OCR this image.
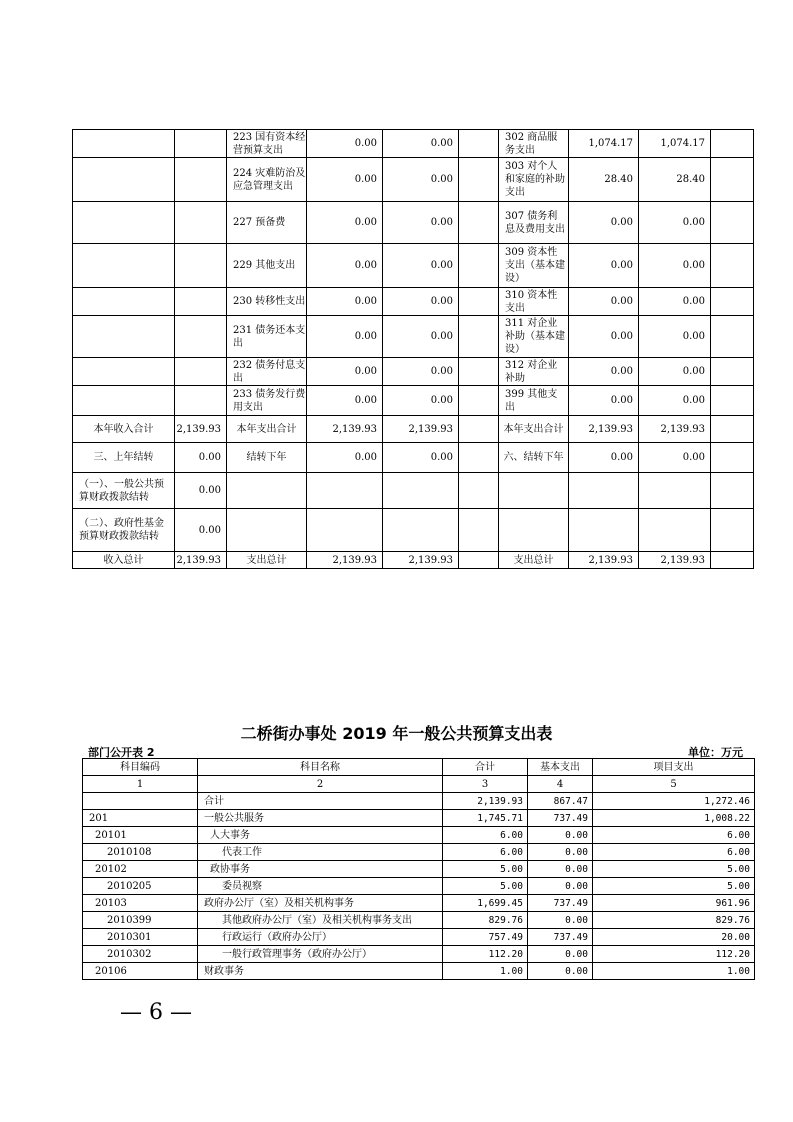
		223 国有资本经营预算支出	0.00	0.00		302 商品服务支出	1,074.17	1,074.17	
		224 灾难防治及应急管理支出	0.00	0.00		303 对个人和家庭的补助支出	28.40	28.40	
		227 预备费	0.00	0.00		307 债务利息及费用支出	0.00	0.00	
		229 其他支出	0.00	0.00		309 资本性支出（基本建设）	0.00	0.00	
		230 转移性支出	0.00	0.00		310 资本性支出	0.00	0.00	
		231 债务还本支出	0.00	0.00		311 对企业补助（基本建设）	0.00	0.00	
		232 债务付息支出	0.00	0.00		312 对企业补助	0.00	0.00	
		233 债务发行费用支出	0.00	0.00		399 其他支出	0.00	0.00	
本年收入合计	2,139.93	本年支出合计	2,139.93	2,139.93		本年支出合计	2,139.93	2,139.93	
三、上年结转	0.00	结转下年	0.00	0.00		六、结转下年	0.00	0.00	
（一）、一般公共预算财政拨款结转	0.00								
（二）、政府性基金预算财政拨款结转	0.00								
收入总计	2,139.93	支出总计	2,139.93	2,139.93		支出总计	2,139.93	2,139.93	
二桥街办事处 2019 年一般公共预算支出表
部门公开表 2	单位：万元
科目编码	科目名称	合计	基本支出	项目支出
1	2	3	4	5
	合计	2,139.93	867.47	1,272.46
201	一般公共服务	1,745.71	737.49	1,008.22
20101	人大事务	6.00	0.00	6.00
2010108	代表工作	6.00	0.00	6.00
20102	政协事务	5.00	0.00	5.00
2010205	委员视察	5.00	0.00	5.00
20103	政府办公厅（室）及相关机构事务	1,699.45	737.49	961.96
2010399	其他政府办公厅（室）及相关机构事务支出	829.76	0.00	829.76
2010301	行政运行（政府办公厅）	757.49	737.49	20.00
2010302	一般行政管理事务（政府办公厅）	112.20	0.00	112.20
20106	财政事务	1.00	0.00	1.00
— 6 —
